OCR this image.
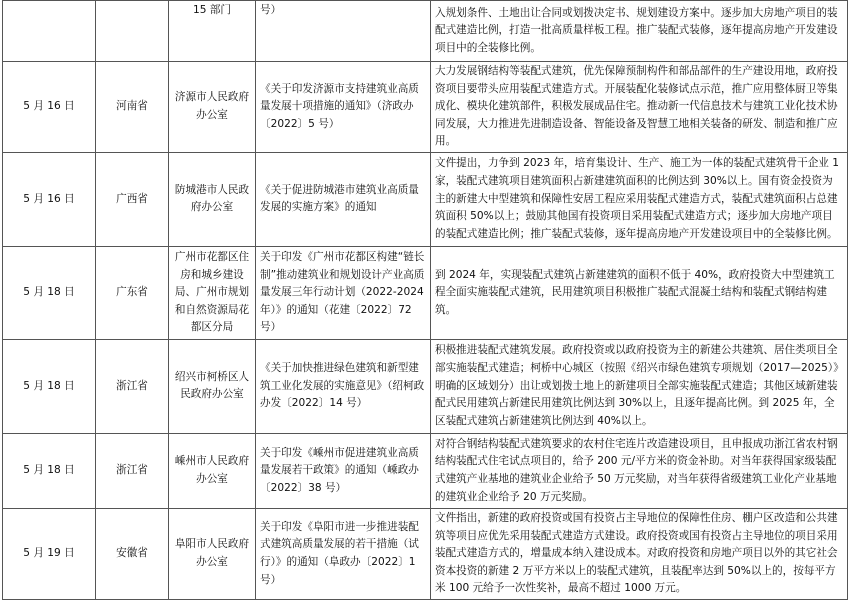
		15 部门	号）	入规划条件、土地出让合同或划拨决定书、规划建设方案中。逐步加大房地产项目的装配式建造比例，打造一批高质量样板工程。推广装配式装修，逐年提高房地产开发建设项目中的全装修比例。
5 月 16 日	河南省	济源市人民政府办公室	《关于印发济源市支持建筑业高质量发展十项措施的通知》（济政办〔2022〕5 号）	大力发展钢结构等装配式建筑，优先保障预制构件和部品部件的生产建设用地，政府投资项目要带头应用装配式建造方式。开展装配化装修试点示范，推广应用整体厨卫等集成化、模块化建筑部件，积极发展成品住宅。推动新一代信息技术与建筑工业化技术协同发展，大力推进先进制造设备、智能设备及智慧工地相关装备的研发、制造和推广应用。
5 月 16 日	广西省	防城港市人民政府办公室	《关于促进防城港市建筑业高质量发展的实施方案》的通知	文件提出，力争到 2023 年，培育集设计、生产、施工为一体的装配式建筑骨干企业 1 家，装配式建筑项目建筑面积占新建建筑面积的比例达到 30%以上。国有资金投资为主的新建大中型建筑和保障性安居工程应采用装配式建造方式，装配式建筑面积占总建筑面积 50%以上；鼓励其他国有投资项目采用装配式建造方式；逐步加大房地产项目的装配式建造比例；推广装配式装修，逐年提高房地产开发建设项目中的全装修比例。
5 月 18 日	广东省	广州市花都区住房和城乡建设局、广州市规划和自然资源局花都区分局	关于印发《广州市花都区构建“链长制”推动建筑业和规划设计产业高质量发展三年行动计划（2022-2024 年）》的通知（花建〔2022〕72 号）	到 2024 年，实现装配式建筑占新建建筑的面积不低于 40%，政府投资大中型建筑工程全面实施装配式建筑，民用建筑项目积极推广装配式混凝土结构和装配式钢结构建筑。
5 月 18 日	浙江省	绍兴市柯桥区人民政府办公室	《关于加快推进绿色建筑和新型建筑工业化发展的实施意见》（绍柯政办发〔2022〕14 号）	积极推进装配式建筑发展。政府投资或以政府投资为主的新建公共建筑、居住类项目全部实施装配式建造；柯桥中心城区（按照《绍兴市绿色建筑专项规划（2017—2025）》明确的区域划分）出让或划拨土地上的新建项目全部实施装配式建造；其他区域新建装配式民用建筑占新建民用建筑比例达到 30%以上，且逐年提高比例。到 2025 年，全区装配式建筑占新建建筑比例达到 40%以上。
5 月 18 日	浙江省	嵊州市人民政府办公室	关于印发《嵊州市促进建筑业高质量发展若干政策》的通知（嵊政办〔2022〕38 号）	对符合钢结构装配式建筑要求的农村住宅连片改造建设项目，且申报成功浙江省农村钢结构装配式住宅试点项目的，给予 200 元/平方米的资金补助。对当年获得国家级装配式建筑产业基地的建筑业企业给予 50 万元奖励，对当年获得省级建筑工业化产业基地的建筑业企业给予 20 万元奖励。
5 月 19 日	安徽省	阜阳市人民政府办公室	关于印发《阜阳市进一步推进装配式建筑高质量发展的若干措施（试行）》的通知（阜政办〔2022〕1 号）	文件指出，新建的政府投资或国有投资占主导地位的保障性住房、棚户区改造和公共建筑等项目应优先采用装配式建造方式建设。政府投资或国有投资占主导地位的项目采用装配式建造方式的，增量成本纳入建设成本。对政府投资和房地产项目以外的其它社会资本投资的新建 2 万平方米以上的装配式建筑，且装配率达到 50%以上的，按每平方米 100 元给予一次性奖补，最高不超过 1000 万元。
